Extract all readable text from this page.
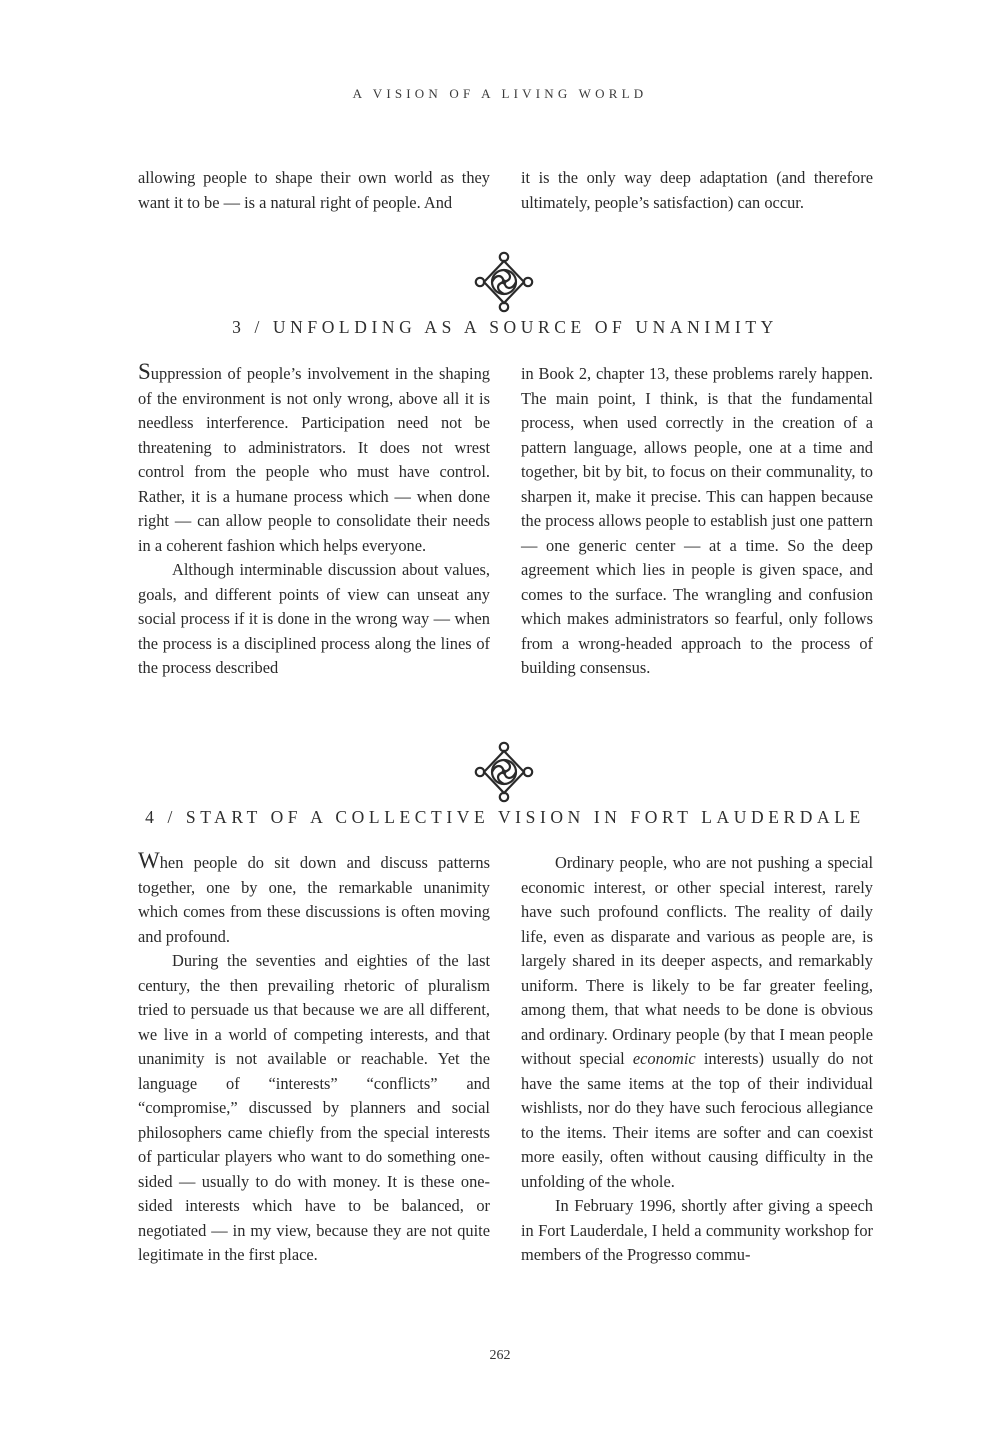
A VISION OF A LIVING WORLD

allowing people to shape their own world as they want it to be — is a natural right of people. And

it is the only way deep adaptation (and therefore ultimately, people’s satisfaction) can occur.

3 / UNFOLDING AS A SOURCE OF UNANIMITY

Suppression of people’s involvement in the shaping of the environment is not only wrong, above all it is needless interference. Participation need not be threatening to administrators. It does not wrest control from the people who must have control. Rather, it is a humane process which — when done right — can allow people to consolidate their needs in a coherent fashion which helps everyone.

Although interminable discussion about values, goals, and different points of view can unseat any social process if it is done in the wrong way — when the process is a disciplined process along the lines of the process described

in Book 2, chapter 13, these problems rarely happen. The main point, I think, is that the fundamental process, when used correctly in the creation of a pattern language, allows people, one at a time and together, bit by bit, to focus on their communality, to sharpen it, make it precise. This can happen because the process allows people to establish just one pattern — one generic center — at a time. So the deep agreement which lies in people is given space, and comes to the surface. The wrangling and confusion which makes administrators so fearful, only follows from a wrong-headed approach to the process of building consensus.

4 / START OF A COLLECTIVE VISION IN FORT LAUDERDALE

When people do sit down and discuss patterns together, one by one, the remarkable unanimity which comes from these discussions is often moving and profound.

During the seventies and eighties of the last century, the then prevailing rhetoric of pluralism tried to persuade us that because we are all different, we live in a world of competing interests, and that unanimity is not available or reachable. Yet the language of “interests” “conflicts” and “compromise,” discussed by planners and social philosophers came chiefly from the special interests of particular players who want to do something one-sided — usually to do with money. It is these one-sided interests which have to be balanced, or negotiated — in my view, because they are not quite legitimate in the first place.

Ordinary people, who are not pushing a special economic interest, or other special interest, rarely have such profound conflicts. The reality of daily life, even as disparate and various as people are, is largely shared in its deeper aspects, and remarkably uniform. There is likely to be far greater feeling, among them, that what needs to be done is obvious and ordinary. Ordinary people (by that I mean people without special economic interests) usually do not have the same items at the top of their individual wishlists, nor do they have such ferocious allegiance to the items. Their items are softer and can coexist more easily, often without causing difficulty in the unfolding of the whole.

In February 1996, shortly after giving a speech in Fort Lauderdale, I held a community workshop for members of the Progresso commu-

262
